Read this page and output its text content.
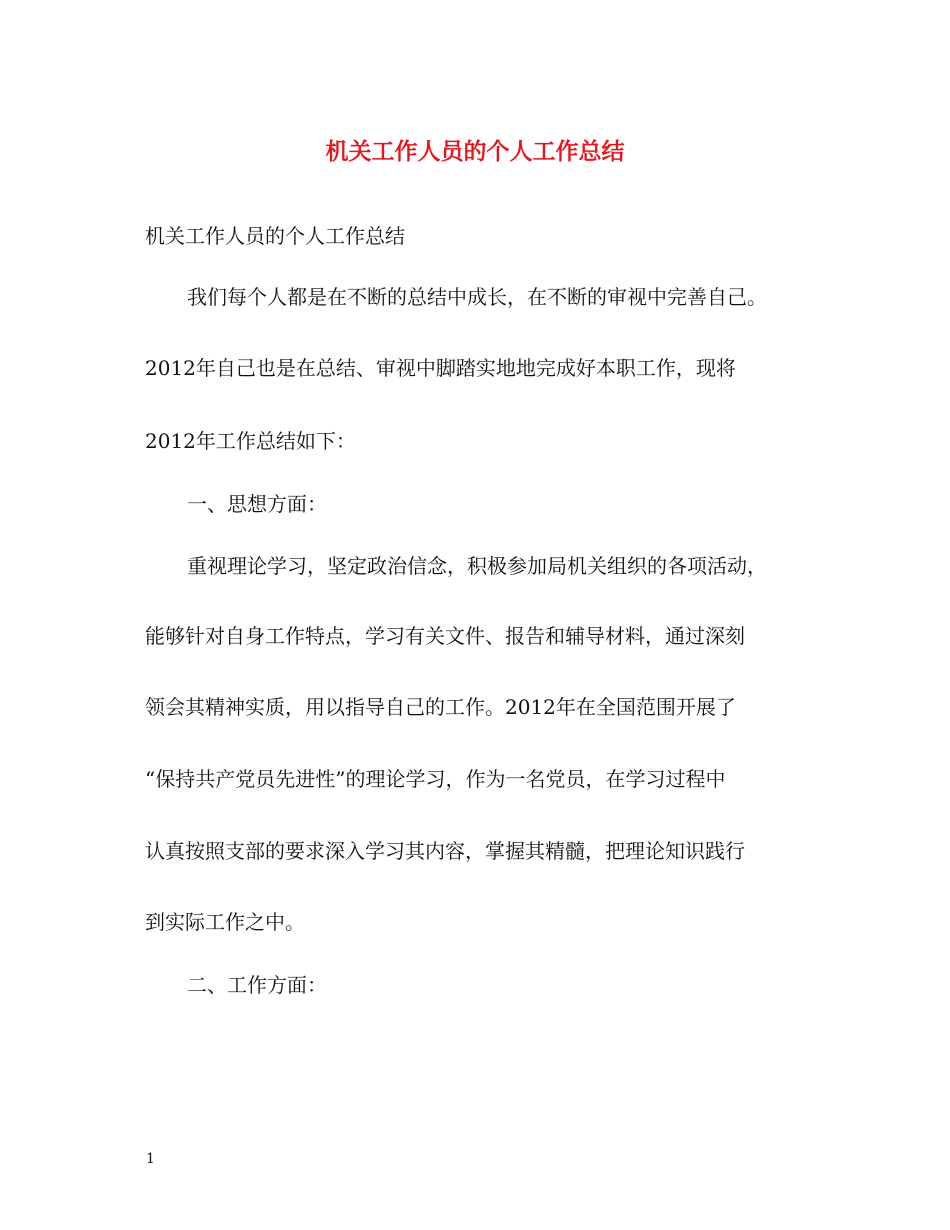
机关工作人员的个人工作总结
机关工作人员的个人工作总结
我们每个人都是在不断的总结中成长，在不断的审视中完善自己。
2012年自己也是在总结、审视中脚踏实地地完成好本职工作，现将
2012年工作总结如下：
一、思想方面：
重视理论学习，坚定政治信念，积极参加局机关组织的各项活动，
能够针对自身工作特点，学习有关文件、报告和辅导材料，通过深刻
领会其精神实质，用以指导自己的工作。2012年在全国范围开展了
“保持共产党员先进性”的理论学习，作为一名党员，在学习过程中
认真按照支部的要求深入学习其内容，掌握其精髓，把理论知识践行
到实际工作之中。
二、工作方面：
1
